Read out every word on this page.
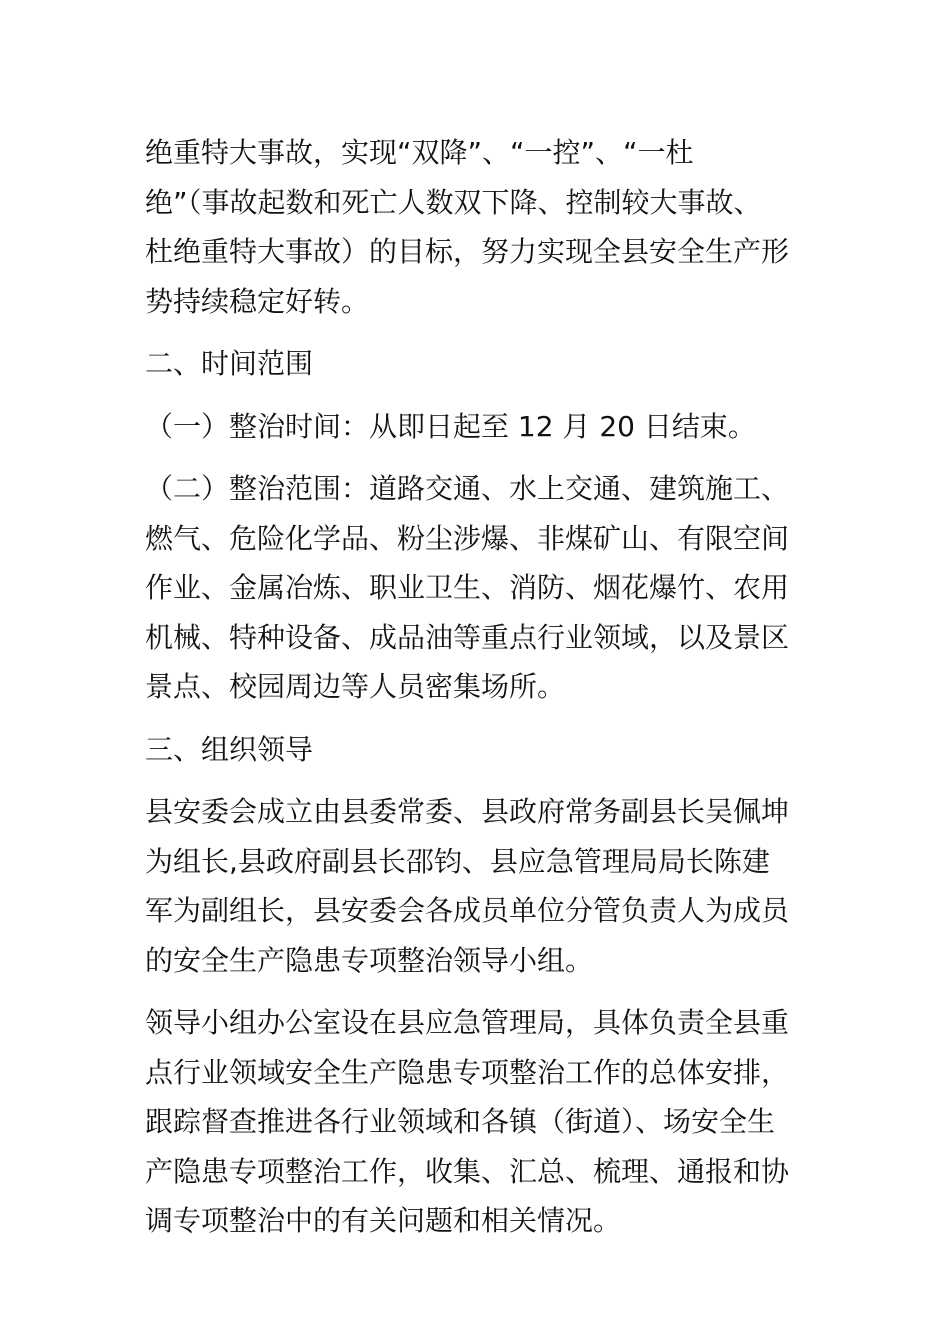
绝重特大事故，实现“双降”、“一控”、“一杜
绝”（事故起数和死亡人数双下降、控制较大事故、
杜绝重特大事故）的目标，努力实现全县安全生产形
势持续稳定好转。
二、时间范围
（一）整治时间：从即日起至 12 月 20 日结束。
（二）整治范围：道路交通、水上交通、建筑施工、
燃气、危险化学品、粉尘涉爆、非煤矿山、有限空间
作业、金属冶炼、职业卫生、消防、烟花爆竹、农用
机械、特种设备、成品油等重点行业领域，以及景区
景点、校园周边等人员密集场所。
三、组织领导
县安委会成立由县委常委、县政府常务副县长吴佩坤
为组长,县政府副县长邵钧、县应急管理局局长陈建
军为副组长，县安委会各成员单位分管负责人为成员
的安全生产隐患专项整治领导小组。
领导小组办公室设在县应急管理局，具体负责全县重
点行业领域安全生产隐患专项整治工作的总体安排，
跟踪督查推进各行业领域和各镇（街道）、场安全生
产隐患专项整治工作，收集、汇总、梳理、通报和协
调专项整治中的有关问题和相关情况。
